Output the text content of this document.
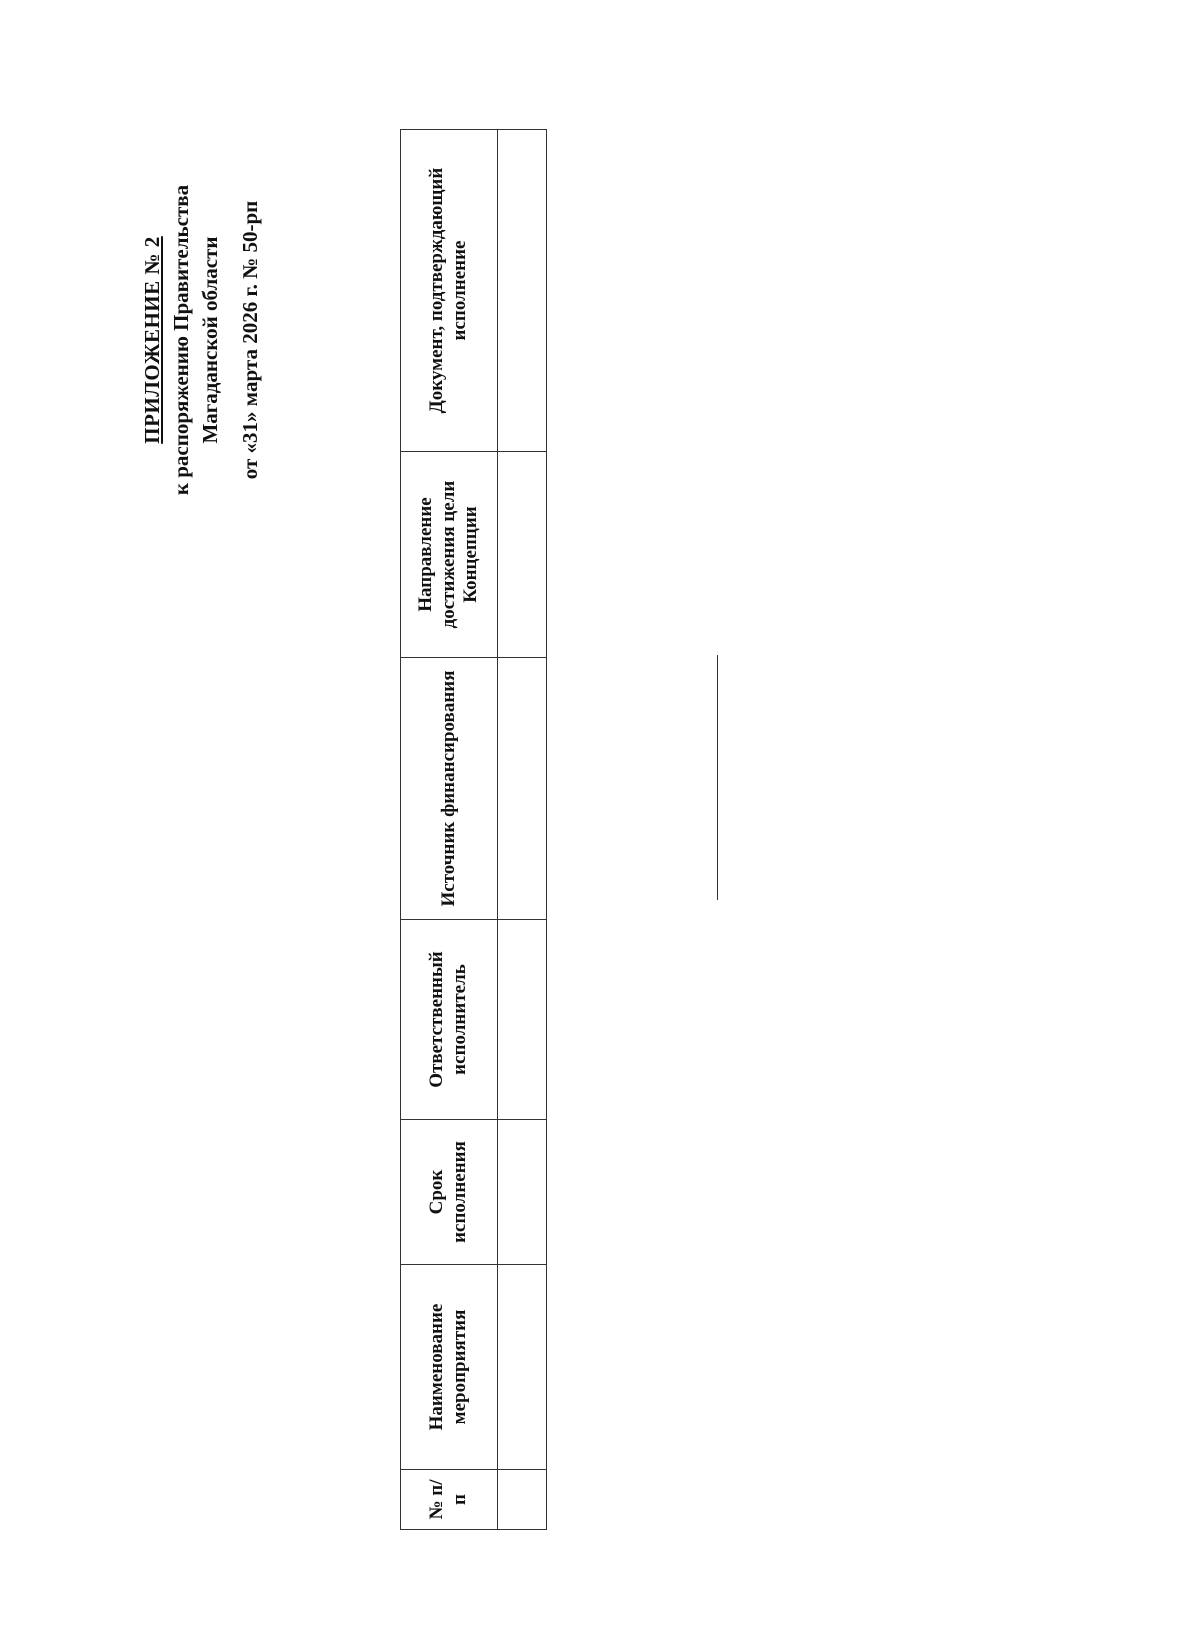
ПРИЛОЖЕНИЕ № 2 к распоряжению Правительства Магаданской области от «31» марта 2026 г. № 50-рп
№ п/п	Наименование мероприятия	Срок исполнения	Ответственный исполнитель	Источник финансирования	Направление достижения цели Концепции	Документ, подтверждающий исполнение
